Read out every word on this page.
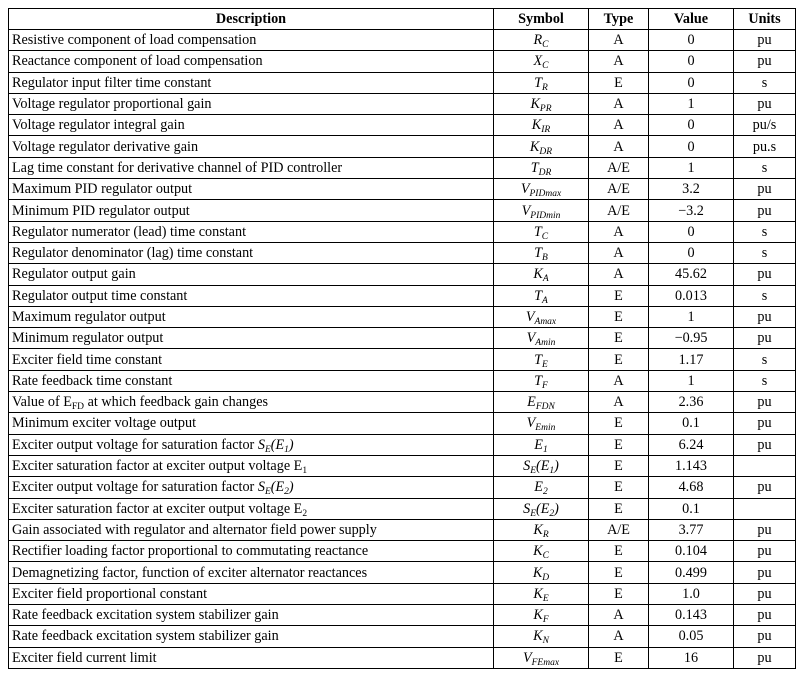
Description	Symbol	Type	Value	Units
Resistive component of load compensation	$R_C$	A	0	pu
Reactance component of load compensation	$X_C$	A	0	pu
Regulator input filter time constant	$T_R$	E	0	s
Voltage regulator proportional gain	$K_{PR}$	A	1	pu
Voltage regulator integral gain	$K_{IR}$	A	0	pu/s
Voltage regulator derivative gain	$K_{DR}$	A	0	pu.s
Lag time constant for derivative channel of PID controller	$T_{DR}$	A/E	1	s
Maximum PID regulator output	$V_{PIDmax}$	A/E	3.2	pu
Minimum PID regulator output	$V_{PIDmin}$	A/E	−3.2	pu
Regulator numerator (lead) time constant	$T_C$	A	0	s
Regulator denominator (lag) time constant	$T_B$	A	0	s
Regulator output gain	$K_A$	A	45.62	pu
Regulator output time constant	$T_A$	E	0.013	s
Maximum regulator output	$V_{Amax}$	E	1	pu
Minimum regulator output	$V_{Amin}$	E	−0.95	pu
Exciter field time constant	$T_E$	E	1.17	s
Rate feedback time constant	$T_F$	A	1	s
Value of $E_{FD}$ at which feedback gain changes	$E_{FDN}$	A	2.36	pu
Minimum exciter voltage output	$V_{Emin}$	E	0.1	pu
Exciter output voltage for saturation factor $S_E(E_1)$	$E_1$	E	6.24	pu
Exciter saturation factor at exciter output voltage $E_1$	$S_E(E_1)$	E	1.143	
Exciter output voltage for saturation factor $S_E(E_2)$	$E_2$	E	4.68	pu
Exciter saturation factor at exciter output voltage $E_2$	$S_E(E_2)$	E	0.1	
Gain associated with regulator and alternator field power supply	$K_R$	A/E	3.77	pu
Rectifier loading factor proportional to commutating reactance	$K_C$	E	0.104	pu
Demagnetizing factor, function of exciter alternator reactances	$K_D$	E	0.499	pu
Exciter field proportional constant	$K_E$	E	1.0	pu
Rate feedback excitation system stabilizer gain	$K_F$	A	0.143	pu
Rate feedback excitation system stabilizer gain	$K_N$	A	0.05	pu
Exciter field current limit	$V_{FEmax}$	E	16	pu
